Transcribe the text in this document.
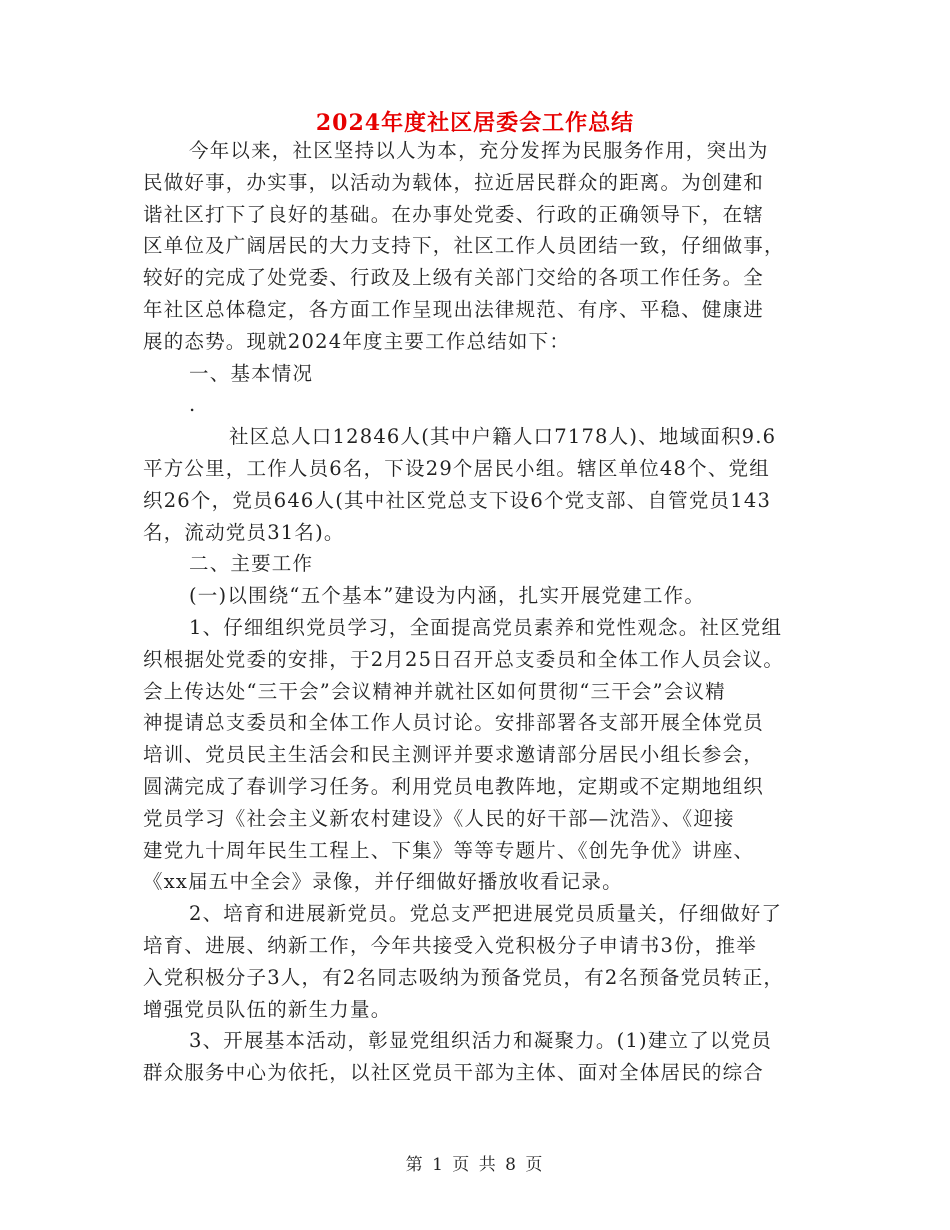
2024年度社区居委会工作总结
今年以来，社区坚持以人为本，充分发挥为民服务作用，突出为
民做好事，办实事，以活动为载体，拉近居民群众的距离。为创建和
谐社区打下了良好的基础。在办事处党委、行政的正确领导下，在辖
区单位及广阔居民的大力支持下，社区工作人员团结一致，仔细做事，
较好的完成了处党委、行政及上级有关部门交给的各项工作任务。全
年社区总体稳定，各方面工作呈现出法律规范、有序、平稳、健康进
展的态势。现就2024年度主要工作总结如下：
一、基本情况
.
社区总人口12846人(其中户籍人口7178人)、地域面积9.6
平方公里，工作人员6名，下设29个居民小组。辖区单位48个、党组
织26个，党员646人(其中社区党总支下设6个党支部、自管党员143
名，流动党员31名)。
二、主要工作
(一)以围绕“五个基本”建设为内涵，扎实开展党建工作。
1、仔细组织党员学习，全面提高党员素养和党性观念。社区党组
织根据处党委的安排，于2月25日召开总支委员和全体工作人员会议。
会上传达处“三干会”会议精神并就社区如何贯彻“三干会”会议精
神提请总支委员和全体工作人员讨论。安排部署各支部开展全体党员
培训、党员民主生活会和民主测评并要求邀请部分居民小组长参会，
圆满完成了春训学习任务。利用党员电教阵地，定期或不定期地组织
党员学习《社会主义新农村建设》《人民的好干部—沈浩》、《迎接
建党九十周年民生工程上、下集》等等专题片、《创先争优》讲座、
《xx届五中全会》录像，并仔细做好播放收看记录。
2、培育和进展新党员。党总支严把进展党员质量关，仔细做好了
培育、进展、纳新工作，今年共接受入党积极分子申请书3份，推举
入党积极分子3人，有2名同志吸纳为预备党员，有2名预备党员转正，
增强党员队伍的新生力量。
3、开展基本活动，彰显党组织活力和凝聚力。(1)建立了以党员
群众服务中心为依托，以社区党员干部为主体、面对全体居民的综合
第 1 页 共 8 页
